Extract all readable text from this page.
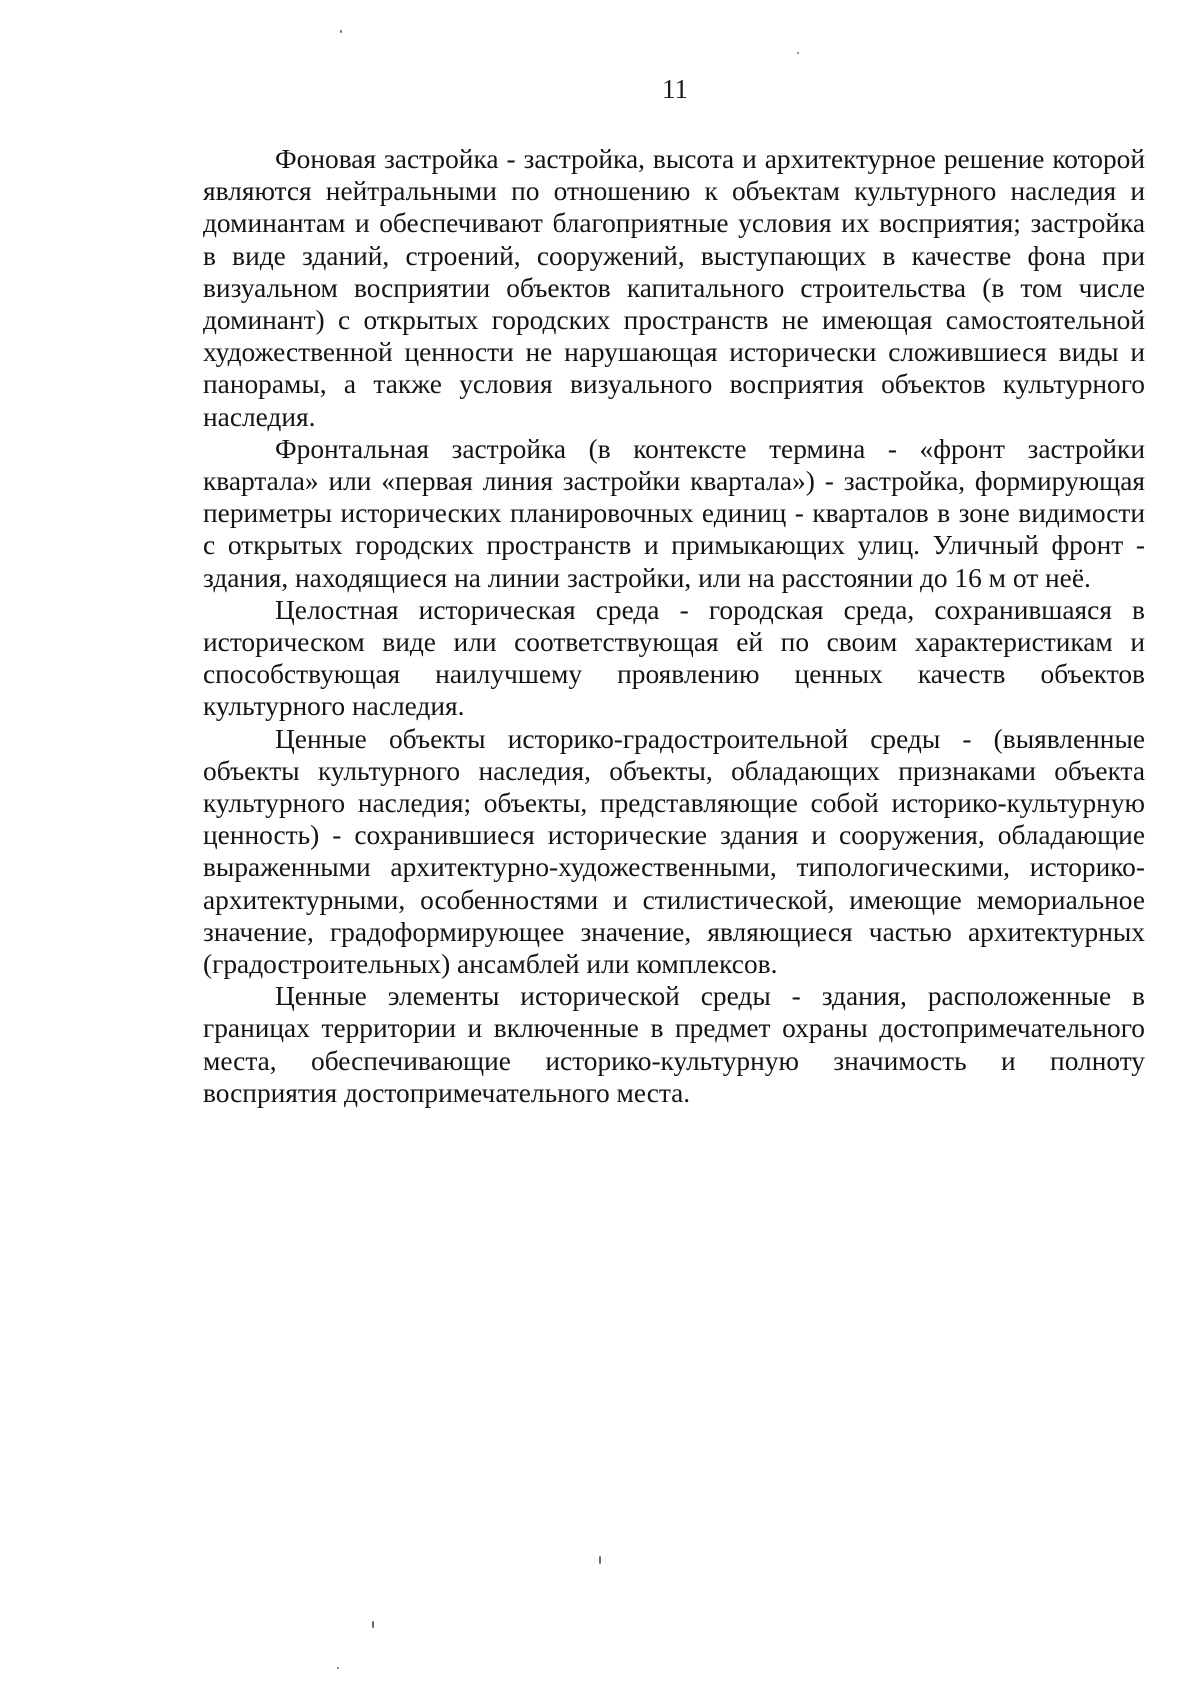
11

Фоновая застройка - застройка, высота и архитектурное решение которой являются нейтральными по отношению к объектам культурного наследия и доминантам и обеспечивают благоприятные условия их восприятия; застройка в виде зданий, строений, сооружений, выступающих в качестве фона при визуальном восприятии объектов капитального строительства (в том числе доминант) с открытых городских пространств не имеющая самостоятельной художественной ценности не нарушающая исторически сложившиеся виды и панорамы, а также условия визуального восприятия объектов культурного наследия.

Фронтальная застройка (в контексте термина - «фронт застройки квартала» или «первая линия застройки квартала») - застройка, формирующая периметры исторических планировочных единиц - кварталов в зоне видимости с открытых городских пространств и примыкающих улиц. Уличный фронт - здания, находящиеся на линии застройки, или на расстоянии до 16 м от неё.

Целостная историческая среда - городская среда, сохранившаяся в историческом виде или соответствующая ей по своим характеристикам и способствующая наилучшему проявлению ценных качеств объектов культурного наследия.

Ценные объекты историко-градостроительной среды - (выявленные объекты культурного наследия, объекты, обладающих признаками объекта культурного наследия; объекты, представляющие собой историко-культурную ценность) - сохранившиеся исторические здания и сооружения, обладающие выраженными архитектурно-художественными, типологическими, историко-архитектурными, особенностями и стилистической, имеющие мемориальное значение, градоформирующее значение, являющиеся частью архитектурных (градостроительных) ансамблей или комплексов.

Ценные элементы исторической среды - здания, расположенные в границах территории и включенные в предмет охраны достопримечательного места, обеспечивающие историко-культурную значимость и полноту восприятия достопримечательного места.
